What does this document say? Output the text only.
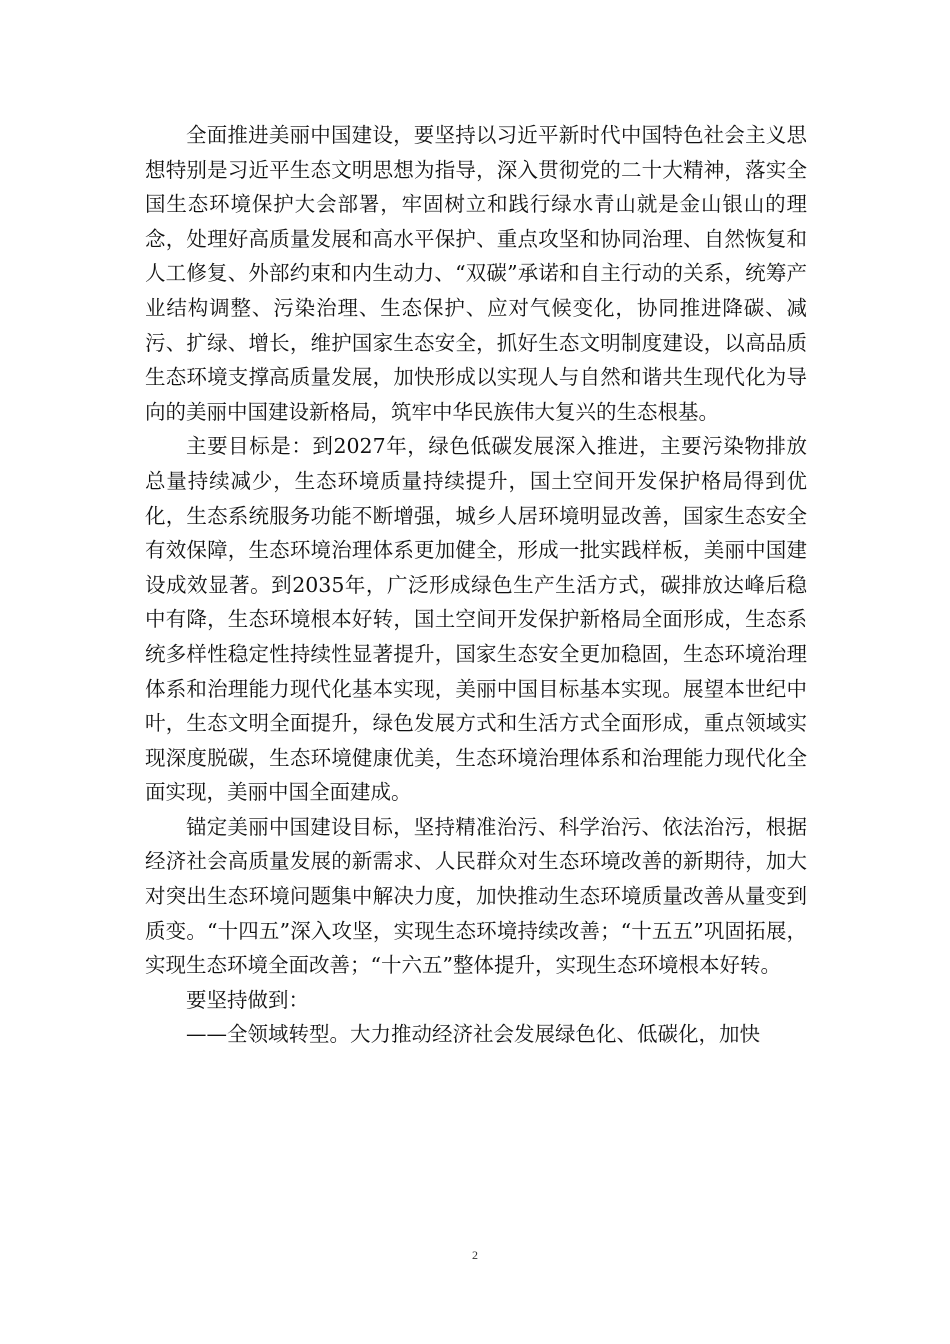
全面推进美丽中国建设，要坚持以习近平新时代中国特色社会主义思想特别是习近平生态文明思想为指导，深入贯彻党的二十大精神，落实全国生态环境保护大会部署，牢固树立和践行绿水青山就是金山银山的理念，处理好高质量发展和高水平保护、重点攻坚和协同治理、自然恢复和人工修复、外部约束和内生动力、“双碳”承诺和自主行动的关系，统筹产业结构调整、污染治理、生态保护、应对气候变化，协同推进降碳、减污、扩绿、增长，维护国家生态安全，抓好生态文明制度建设，以高品质生态环境支撑高质量发展，加快形成以实现人与自然和谐共生现代化为导向的美丽中国建设新格局，筑牢中华民族伟大复兴的生态根基。

主要目标是：到2027年，绿色低碳发展深入推进，主要污染物排放总量持续减少，生态环境质量持续提升，国土空间开发保护格局得到优化，生态系统服务功能不断增强，城乡人居环境明显改善，国家生态安全有效保障，生态环境治理体系更加健全，形成一批实践样板，美丽中国建设成效显著。到2035年，广泛形成绿色生产生活方式，碳排放达峰后稳中有降，生态环境根本好转，国土空间开发保护新格局全面形成，生态系统多样性稳定性持续性显著提升，国家生态安全更加稳固，生态环境治理体系和治理能力现代化基本实现，美丽中国目标基本实现。展望本世纪中叶，生态文明全面提升，绿色发展方式和生活方式全面形成，重点领域实现深度脱碳，生态环境健康优美，生态环境治理体系和治理能力现代化全面实现，美丽中国全面建成。

锚定美丽中国建设目标，坚持精准治污、科学治污、依法治污，根据经济社会高质量发展的新需求、人民群众对生态环境改善的新期待，加大对突出生态环境问题集中解决力度，加快推动生态环境质量改善从量变到质变。“十四五”深入攻坚，实现生态环境持续改善；“十五五”巩固拓展，实现生态环境全面改善；“十六五”整体提升，实现生态环境根本好转。

要坚持做到：

——全领域转型。大力推动经济社会发展绿色化、低碳化，加快

2
